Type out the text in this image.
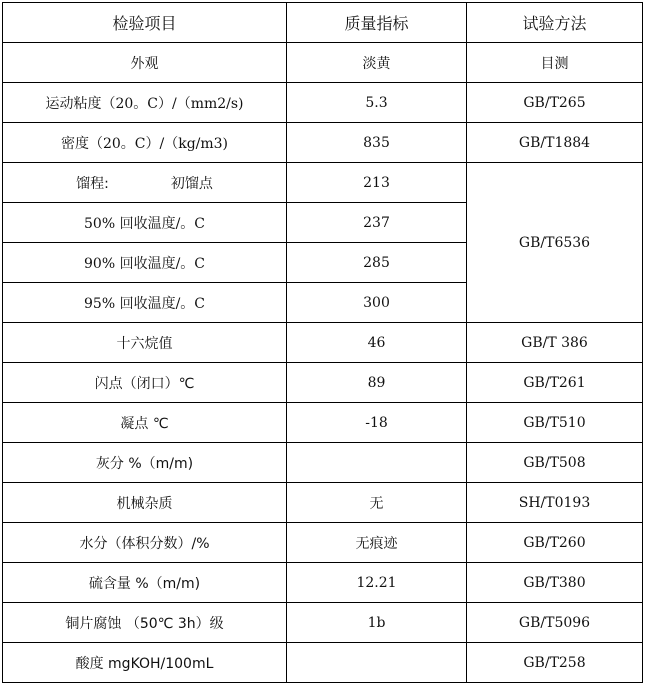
检验项目	质量指标	试验方法
外观	淡黄	目测
运动粘度（20。C）/（mm2/s)	5.3	GB/T265
密度（20。C）/（kg/m3)	835	GB/T1884
馏程: 初馏点	213	GB/T6536
50% 回收温度/。C	237	
90% 回收温度/。C	285	
95% 回收温度/。C	300	
十六烷值	46	GB/T 386
闪点（闭口）℃	89	GB/T261
凝点 ℃	-18	GB/T510
灰分 %（m/m)		GB/T508
机械杂质	无	SH/T0193
水分（体积分数）/%	无痕迹	GB/T260
硫含量 %（m/m)	12.21	GB/T380
铜片腐蚀 （50℃ 3h）级	1b	GB/T5096
酸度 mgKOH/100mL		GB/T258
